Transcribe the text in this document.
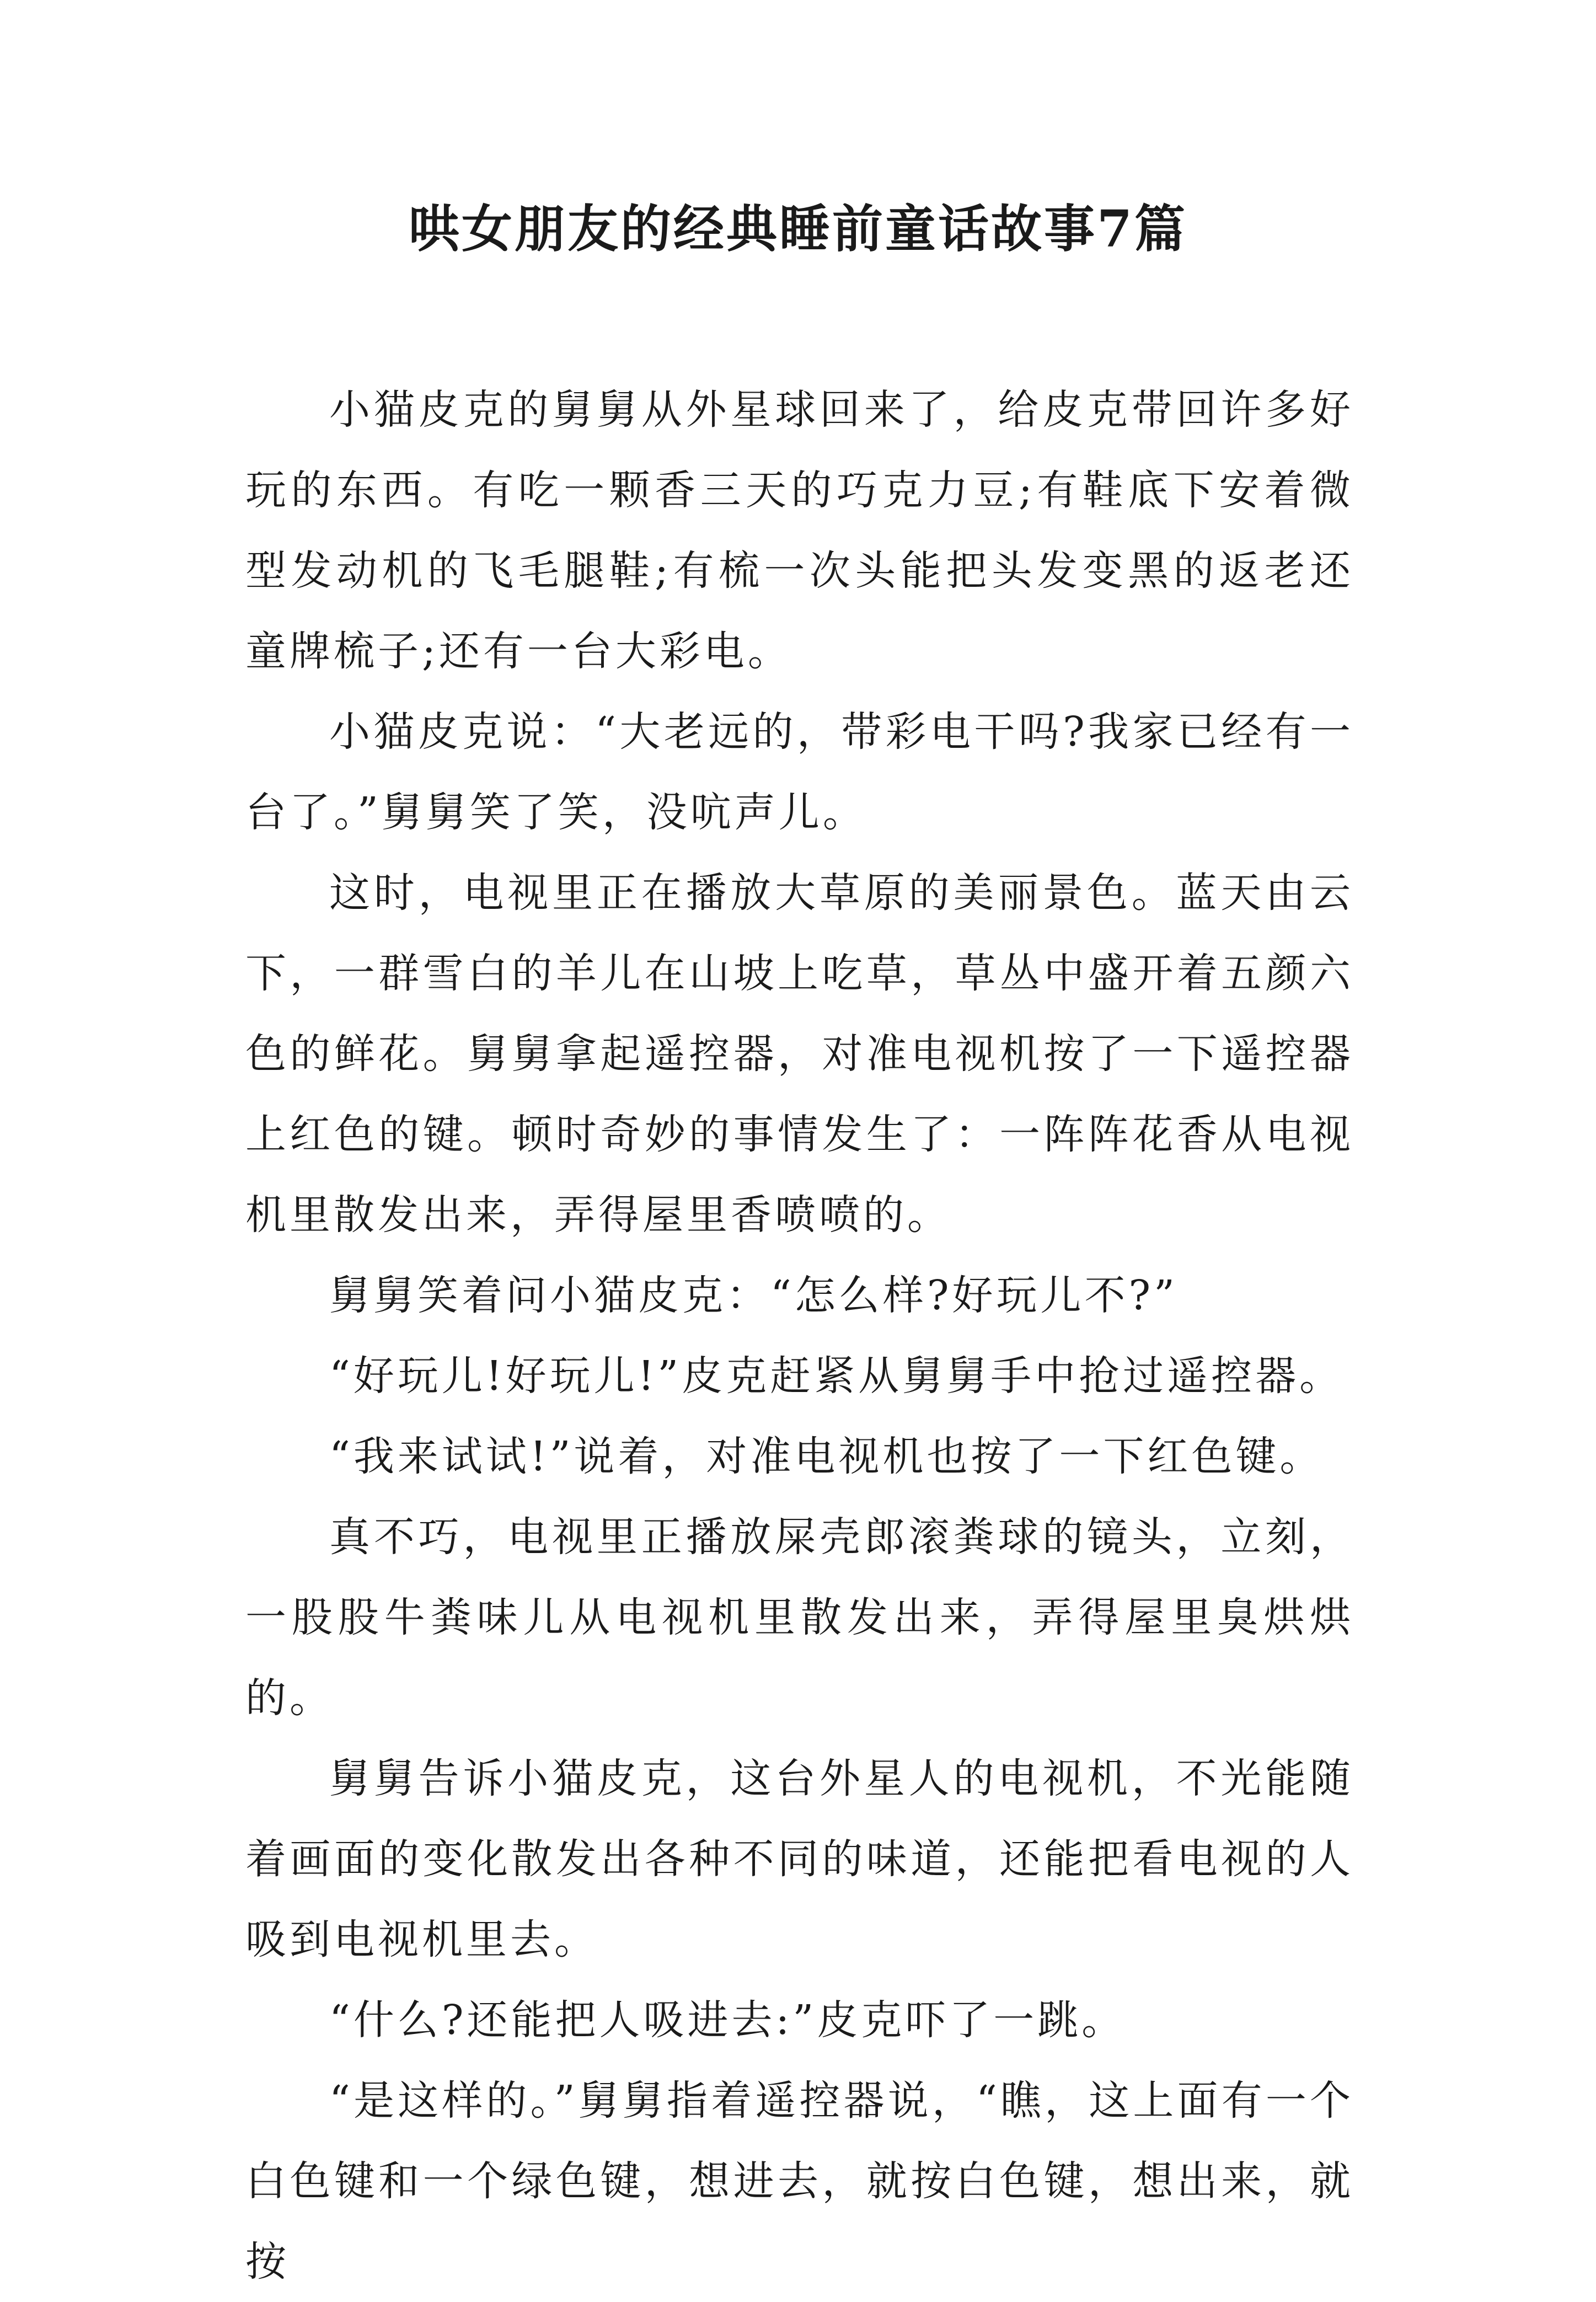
哄女朋友的经典睡前童话故事7篇

小猫皮克的舅舅从外星球回来了，给皮克带回许多好玩的东西。有吃一颗香三天的巧克力豆;有鞋底下安着微型发动机的飞毛腿鞋;有梳一次头能把头发变黑的返老还童牌梳子;还有一台大彩电。

小猫皮克说：“大老远的，带彩电干吗?我家已经有一台了。”舅舅笑了笑，没吭声儿。

这时，电视里正在播放大草原的美丽景色。蓝天由云下，一群雪白的羊儿在山坡上吃草，草丛中盛开着五颜六色的鲜花。舅舅拿起遥控器，对准电视机按了一下遥控器上红色的键。顿时奇妙的事情发生了：一阵阵花香从电视机里散发出来，弄得屋里香喷喷的。

舅舅笑着问小猫皮克：“怎么样?好玩儿不?”

“好玩儿!好玩儿!”皮克赶紧从舅舅手中抢过遥控器。

“我来试试!”说着，对准电视机也按了一下红色键。

真不巧，电视里正播放屎壳郎滚粪球的镜头，立刻，一股股牛粪味儿从电视机里散发出来，弄得屋里臭烘烘的。

舅舅告诉小猫皮克，这台外星人的电视机，不光能随着画面的变化散发出各种不同的味道，还能把看电视的人吸到电视机里去。

“什么?还能把人吸进去:”皮克吓了一跳。

“是这样的。”舅舅指着遥控器说，“瞧，这上面有一个白色键和一个绿色键，想进去，就按白色键，想出来，就按
